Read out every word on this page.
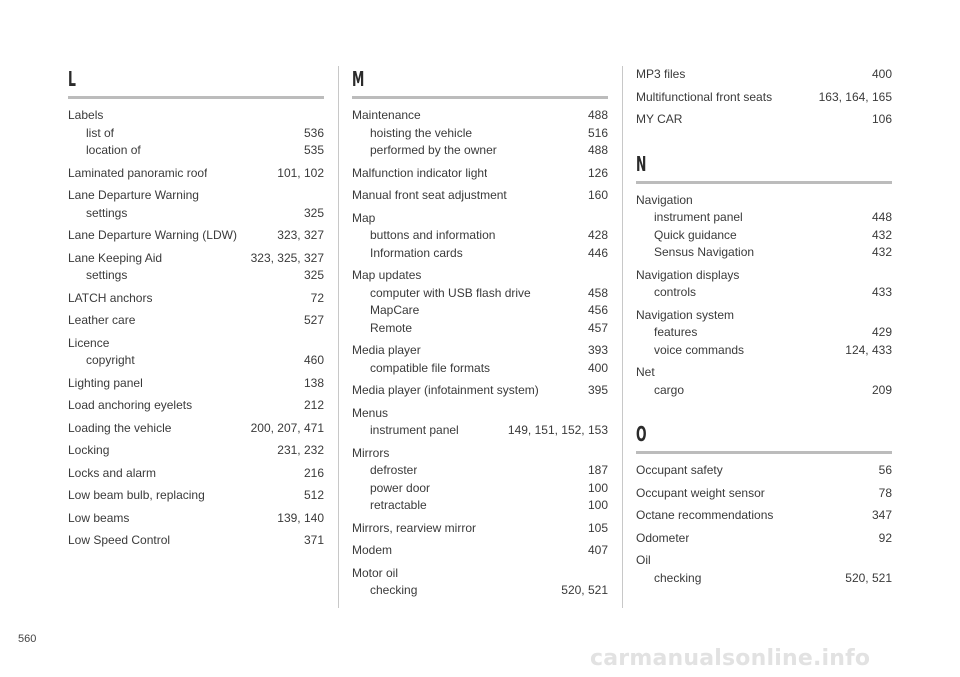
L
Labels
list of	536
location of	535
Laminated panoramic roof	101, 102
Lane Departure Warning
settings	325
Lane Departure Warning (LDW)	323, 327
Lane Keeping Aid	323, 325, 327
settings	325
LATCH anchors	72
Leather care	527
Licence
copyright	460
Lighting panel	138
Load anchoring eyelets	212
Loading the vehicle	200, 207, 471
Locking	231, 232
Locks and alarm	216
Low beam bulb, replacing	512
Low beams	139, 140
Low Speed Control	371
M
Maintenance	488
hoisting the vehicle	516
performed by the owner	488
Malfunction indicator light	126
Manual front seat adjustment	160
Map
buttons and information	428
Information cards	446
Map updates
computer with USB flash drive	458
MapCare	456
Remote	457
Media player	393
compatible file formats	400
Media player (infotainment system)	395
Menus
instrument panel	149, 151, 152, 153
Mirrors
defroster	187
power door	100
retractable	100
Mirrors, rearview mirror	105
Modem	407
Motor oil
checking	520, 521
MP3 files	400
Multifunctional front seats	163, 164, 165
MY CAR	106
N
Navigation
instrument panel	448
Quick guidance	432
Sensus Navigation	432
Navigation displays
controls	433
Navigation system
features	429
voice commands	124, 433
Net
cargo	209
O
Occupant safety	56
Occupant weight sensor	78
Octane recommendations	347
Odometer	92
Oil
checking	520, 521
560
carmanualsonline.info
